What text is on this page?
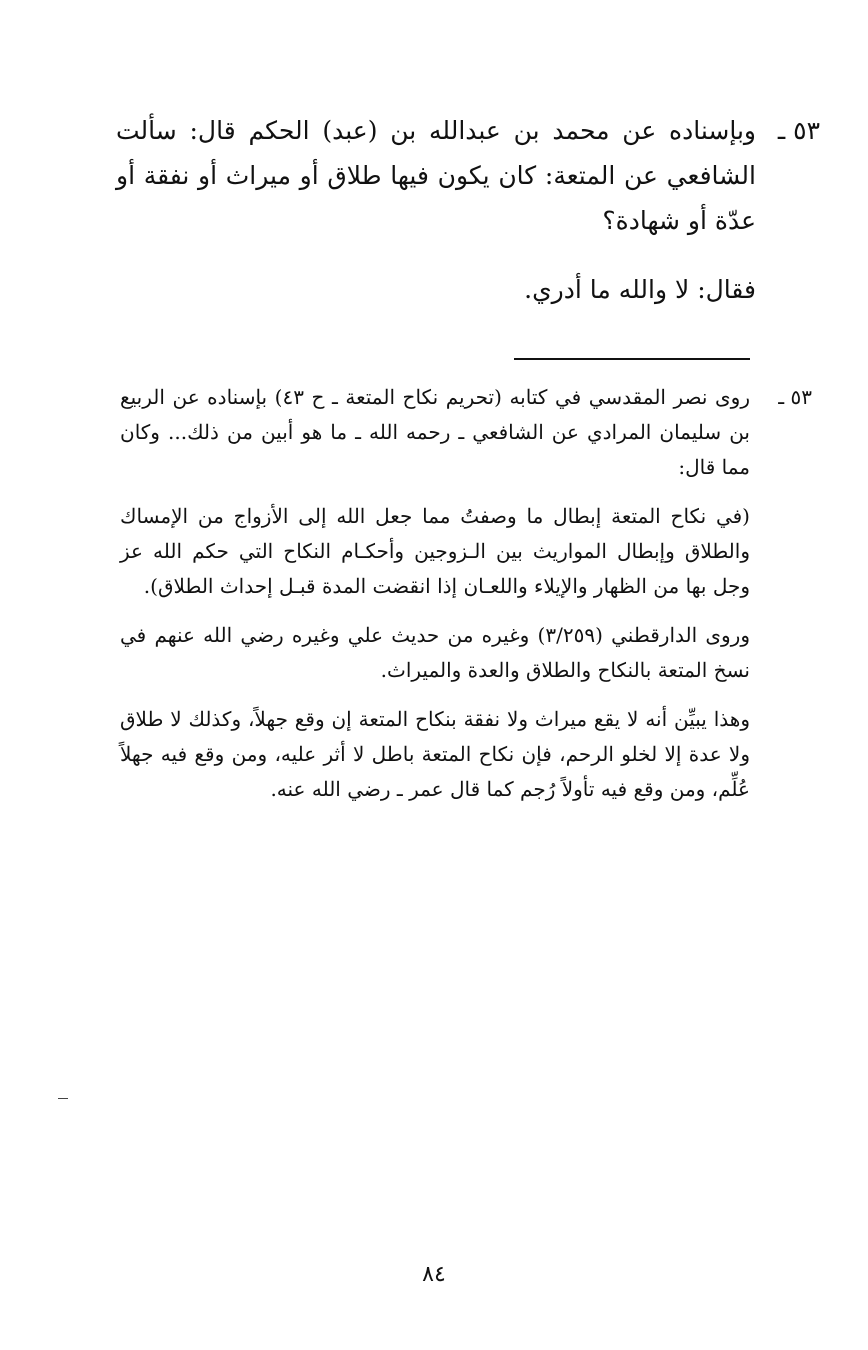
٥٣ ـ

وبإسناده عن محمد بن عبدالله بن (عبد) الحكم قال: سألت الشافعي عن المتعة: كان يكون فيها طلاق أو ميراث أو نفقة أو عدّة أو شهادة؟

فقال: لا والله ما أدري.

٥٣ ـ

روى نصر المقدسي في كتابه (تحريم نكاح المتعة ـ ح ٤٣) بإسناده عن الربيع بن سليمان المرادي عن الشافعي ـ رحمه الله ـ ما هو أبين من ذلك... وكان مما قال:

(في نكاح المتعة إبطال ما وصفتُ مما جعل الله إلى الأزواج من الإمساك والطلاق وإبطال المواريث بين الـزوجين وأحكـام النكاح التي حكم الله عز وجل بها من الظهار والإيلاء واللعـان إذا انقضت المدة قبـل إحداث الطلاق).

وروى الدارقطني (٣/٢٥٩) وغيره من حديث علي وغيره رضي الله عنهم في نسخ المتعة بالنكاح والطلاق والعدة والميراث.

وهذا يبيِّن أنه لا يقع ميراث ولا نفقة بنكاح المتعة إن وقع جهلاً، وكذلك لا طلاق ولا عدة إلا لخلو الرحم، فإن نكاح المتعة باطل لا أثر عليه، ومن وقع فيه جهلاً عُلِّم، ومن وقع فيه تأولاً رُجم كما قال عمر ـ رضي الله عنه.

٨٤
